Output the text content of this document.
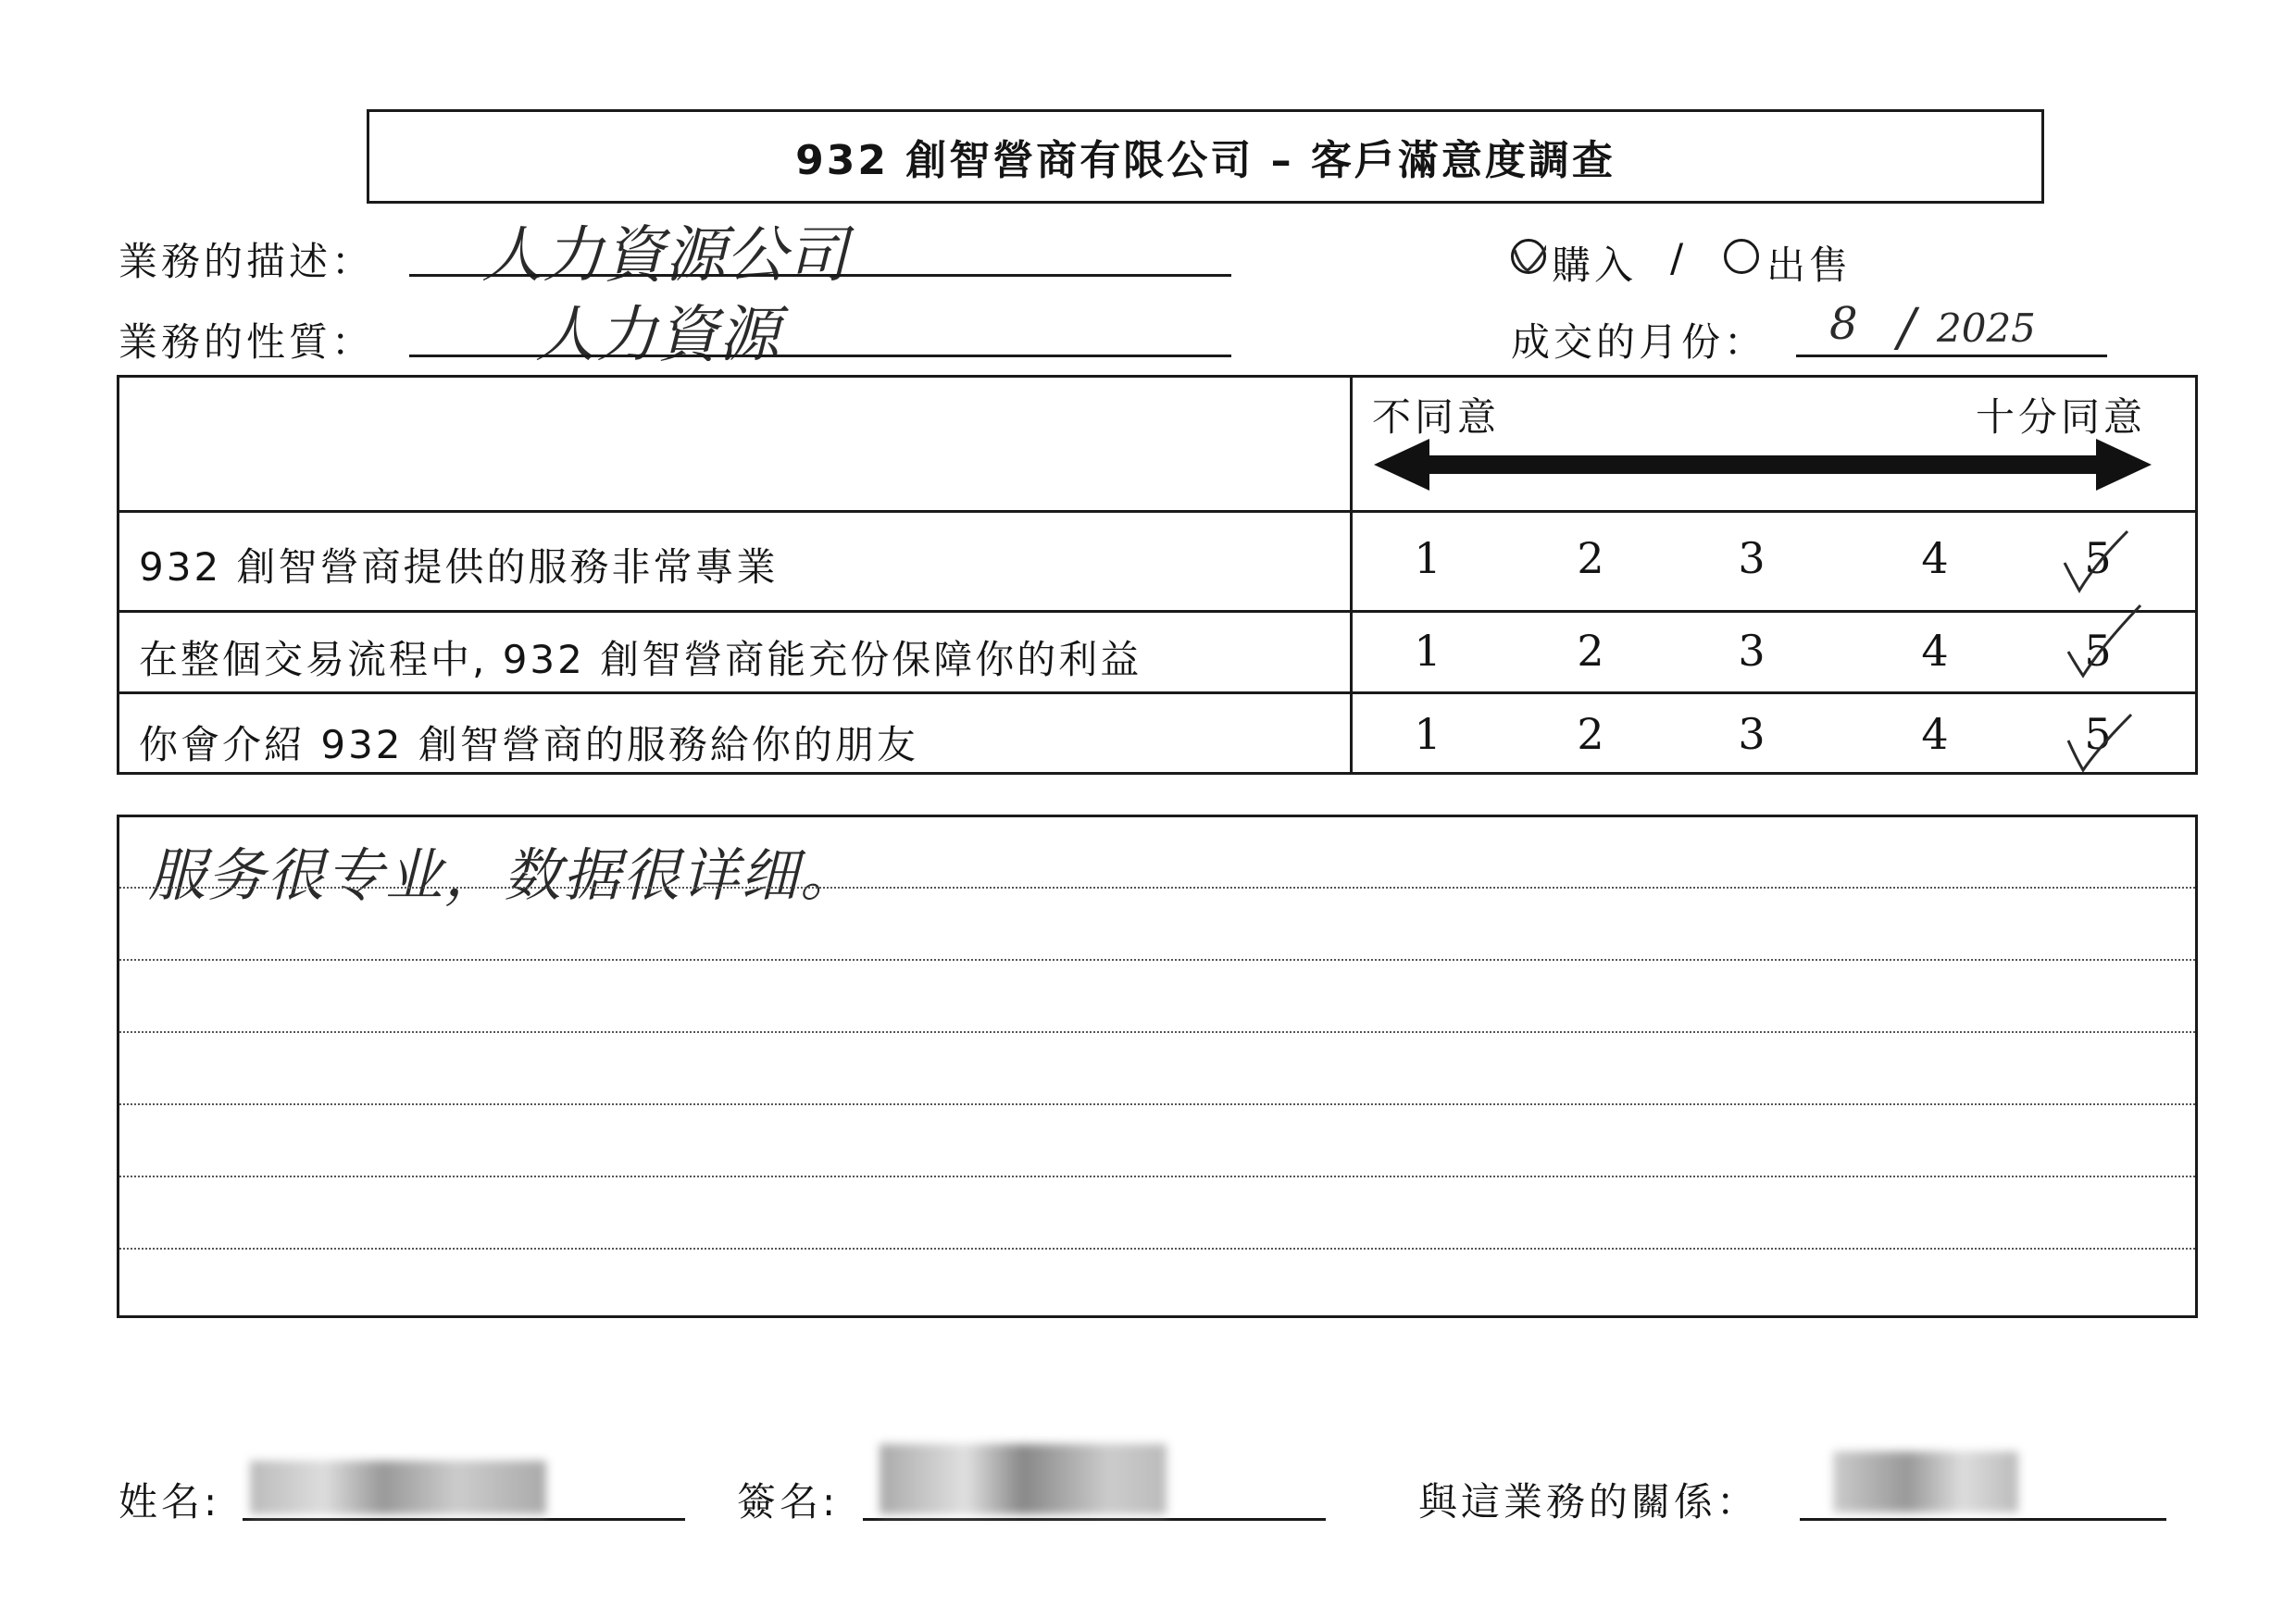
932 創智營商有限公司 – 客戶滿意度調查
業務的描述： 人力資源公司
業務的性質：	人力資源
購入 / 出售
成交的月份： 8 / 2025
不同意	十分同意
932 創智營商提供的服務非常專業	1	2	3	4	5
在整個交易流程中, 932 創智營商能充份保障你的利益	1	2	3	4	5
你會介紹 932 創智營商的服務給你的朋友	1	2	3	4	5
服务很专业，数据很详细。
姓名:	簽名:	與這業務的關係：
